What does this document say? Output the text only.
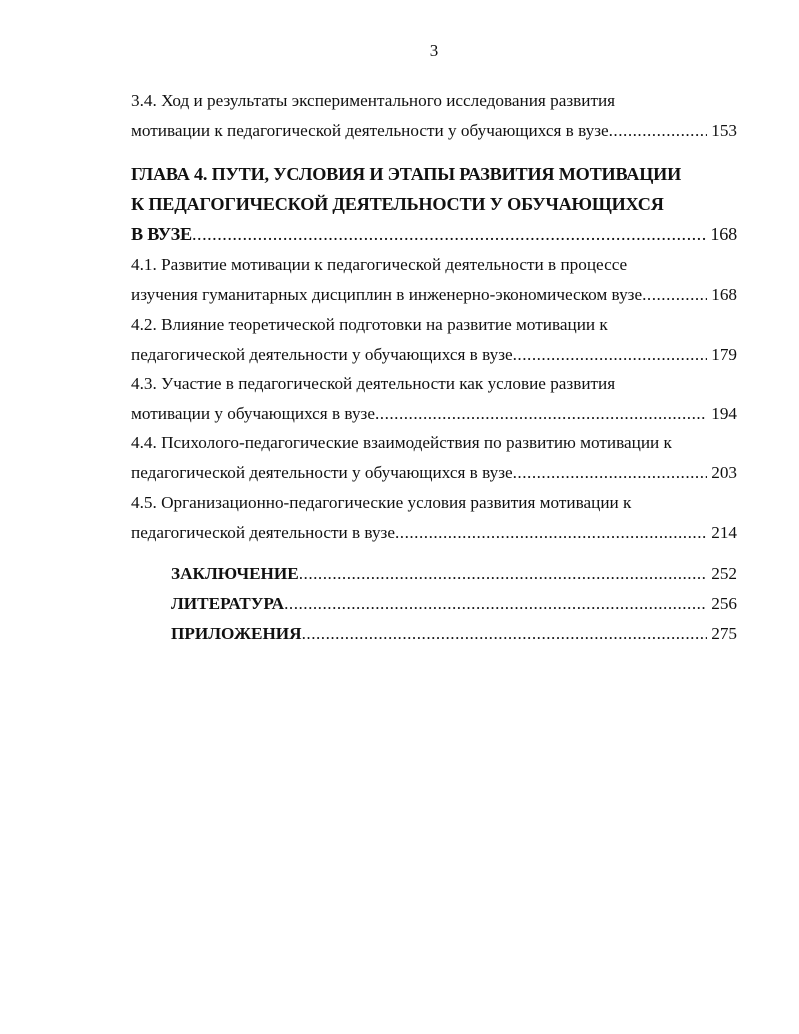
3
3.4. Ход и результаты экспериментального исследования развития
мотивации к педагогической деятельности у обучающихся в вузе .....	153
ГЛАВА 4. ПУТИ, УСЛОВИЯ И ЭТАПЫ РАЗВИТИЯ МОТИВАЦИИ
К ПЕДАГОГИЧЕСКОЙ ДЕЯТЕЛЬНОСТИ У ОБУЧАЮЩИХСЯ
В ВУЗЕ .....	168
4.1. Развитие мотивации к педагогической деятельности в процессе
изучения гуманитарных дисциплин в инженерно-экономическом вузе .....	168
4.2. Влияние теоретической подготовки на развитие мотивации к
педагогической деятельности у обучающихся в вузе .....	179
4.3. Участие в педагогической деятельности как условие развития
мотивации у обучающихся в вузе .....	194
4.4. Психолого-педагогические взаимодействия по развитию мотивации к
педагогической деятельности у обучающихся в вузе .....	203
4.5. Организационно-педагогические условия развития мотивации к
педагогической деятельности в вузе .....	214
ЗАКЛЮЧЕНИЕ .....	252
ЛИТЕРАТУРА .....	256
ПРИЛОЖЕНИЯ .....	275
